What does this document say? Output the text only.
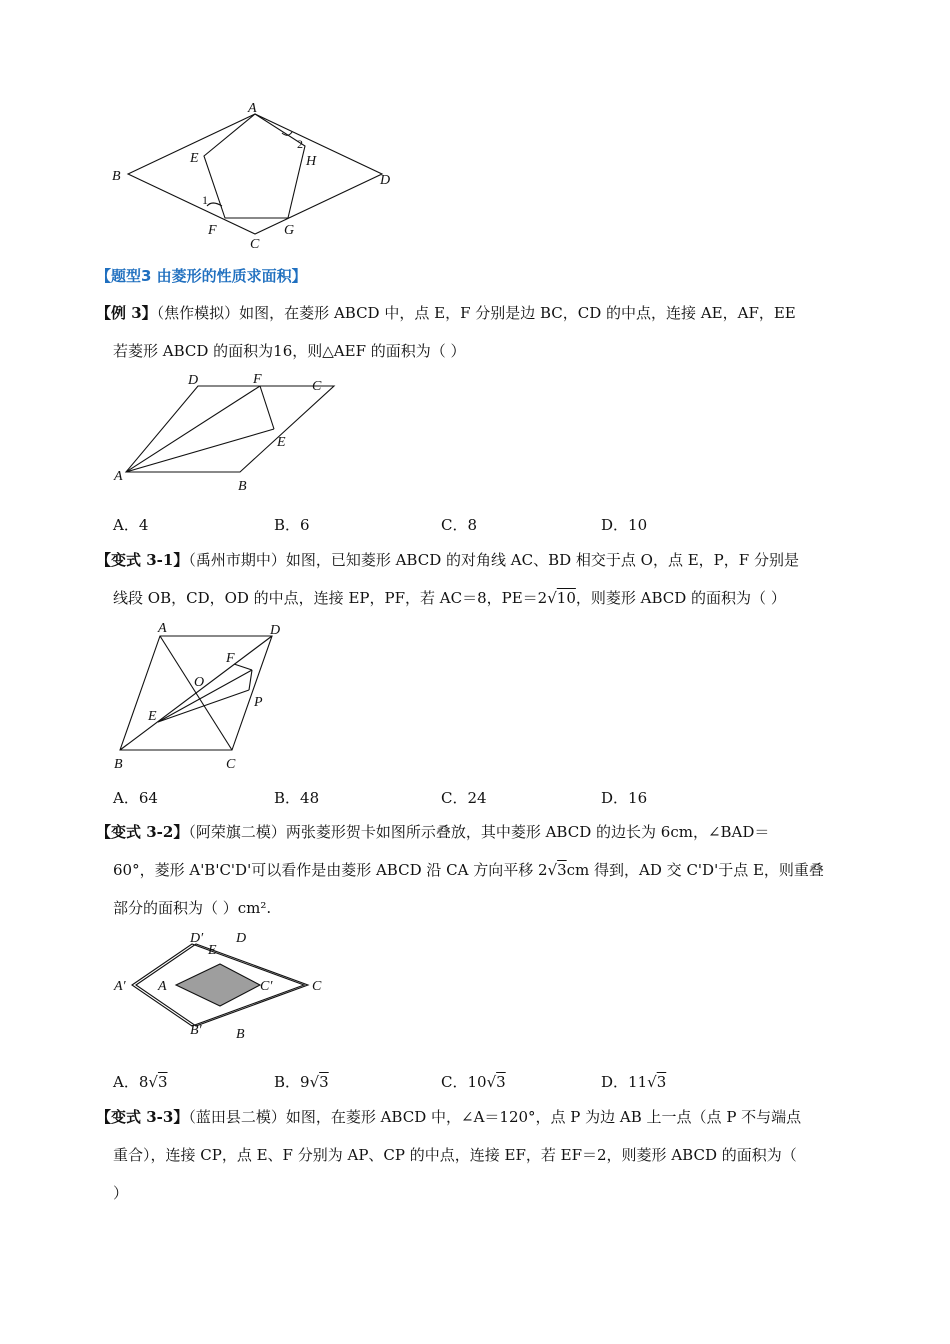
A
B
C
D
E
F	G
H
1
2
【题型3 由菱形的性质求面积】
【例 3】（焦作模拟）如图，在菱形 ABCD 中，点 E，F 分别是边 BC，CD 的中点，连接 AE，AF，EE
若菱形 ABCD 的面积为16，则△AEF 的面积为（ ）
D	F	C
E
A
B
A．4	B．6	C．8	D．10
【变式 3-1】（禹州市期中）如图，已知菱形 ABCD 的对角线 AC、BD 相交于点 O，点 E，P，F 分别是
线段 OB，CD，OD 的中点，连接 EP，PF，若 AC＝8，PE＝2√10，则菱形 ABCD 的面积为（ ）
A	D
F
O
P
E
B	C
A．64	B．48	C．24	D．16
【变式 3-2】（阿荣旗二模）两张菱形贺卡如图所示叠放，其中菱形 ABCD 的边长为 6cm，∠BAD＝
60°，菱形 A'B'C'D'可以看作是由菱形 ABCD 沿 CA 方向平移 2√3cm 得到，AD 交 C'D'于点 E，则重叠
部分的面积为（ ）cm².
D′
E
D
A′ A	C′	C
B′ B
A．8√3	B．9√3	C．10√3	D．11√3
【变式 3-3】（蓝田县二模）如图，在菱形 ABCD 中，∠A＝120°，点 P 为边 AB 上一点（点 P 不与端点
重合），连接 CP，点 E、F 分别为 AP、CP 的中点，连接 EF，若 EF＝2，则菱形 ABCD 的面积为（
）
